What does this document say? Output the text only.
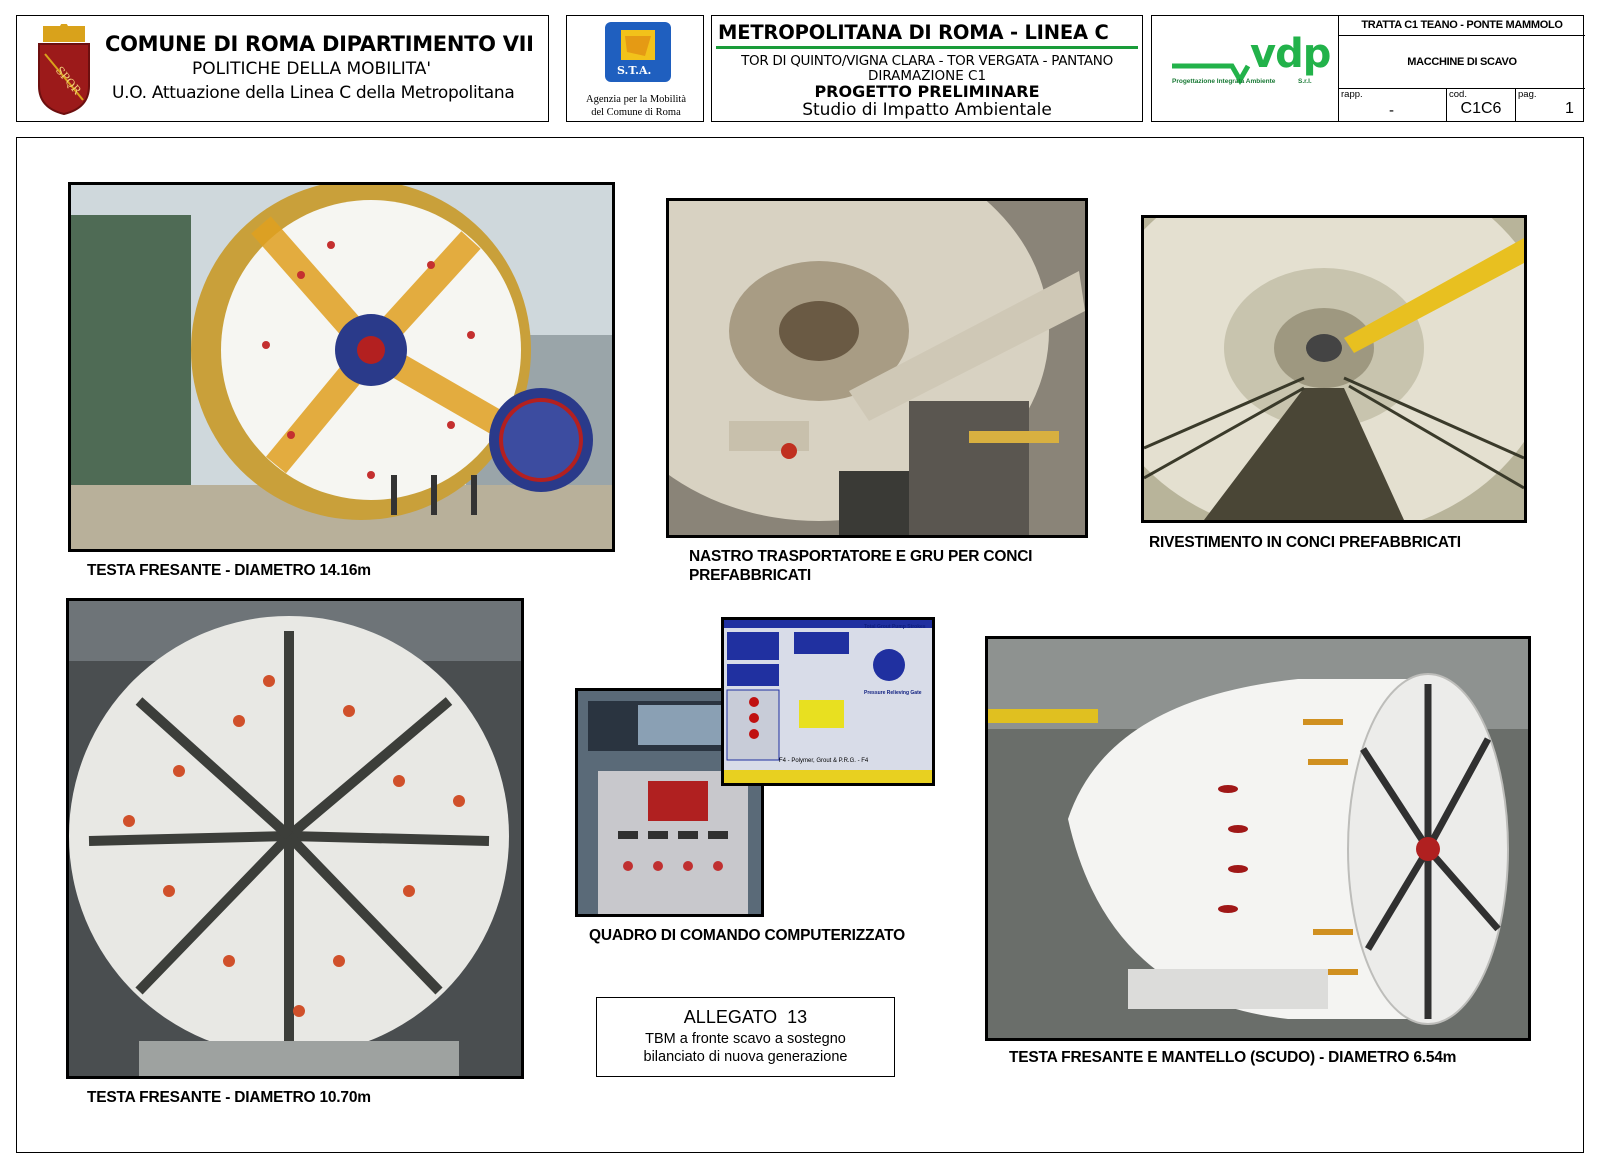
SPQR
COMUNE DI ROMA DIPARTIMENTO VII
POLITICHE DELLA MOBILITA'
U.O. Attuazione della Linea C della Metropolitana
S.T.A.
Agenzia per la Mobilità
del Comune di Roma
METROPOLITANA DI ROMA - LINEA C
TOR DI QUINTO/VIGNA CLARA - TOR VERGATA - PANTANO
DIRAMAZIONE C1
PROGETTO PRELIMINARE
Studio di Impatto Ambientale
vdp
Progettazione Integrata Ambiente	S.r.l.
TRATTA C1 TEANO - PONTE MAMMOLO
MACCHINE DI SCAVO
rapp.
-
cod.
C1C6
pag.
1
TESTA FRESANTE - DIAMETRO 14.16m
NASTRO TRASPORTATORE E GRU PER CONCI
PREFABBRICATI
RIVESTIMENTO IN CONCI PREFABBRICATI
TESTA FRESANTE - DIAMETRO 10.70m
Total Grout Pump Strokes
Pressure Relieving Gate
F4 - Polymer, Grout & P.R.G. - F4
QUADRO DI COMANDO COMPUTERIZZATO
TESTA FRESANTE E MANTELLO (SCUDO) - DIAMETRO 6.54m
ALLEGATO  13
TBM a fronte scavo a sostegno
bilanciato di nuova generazione
